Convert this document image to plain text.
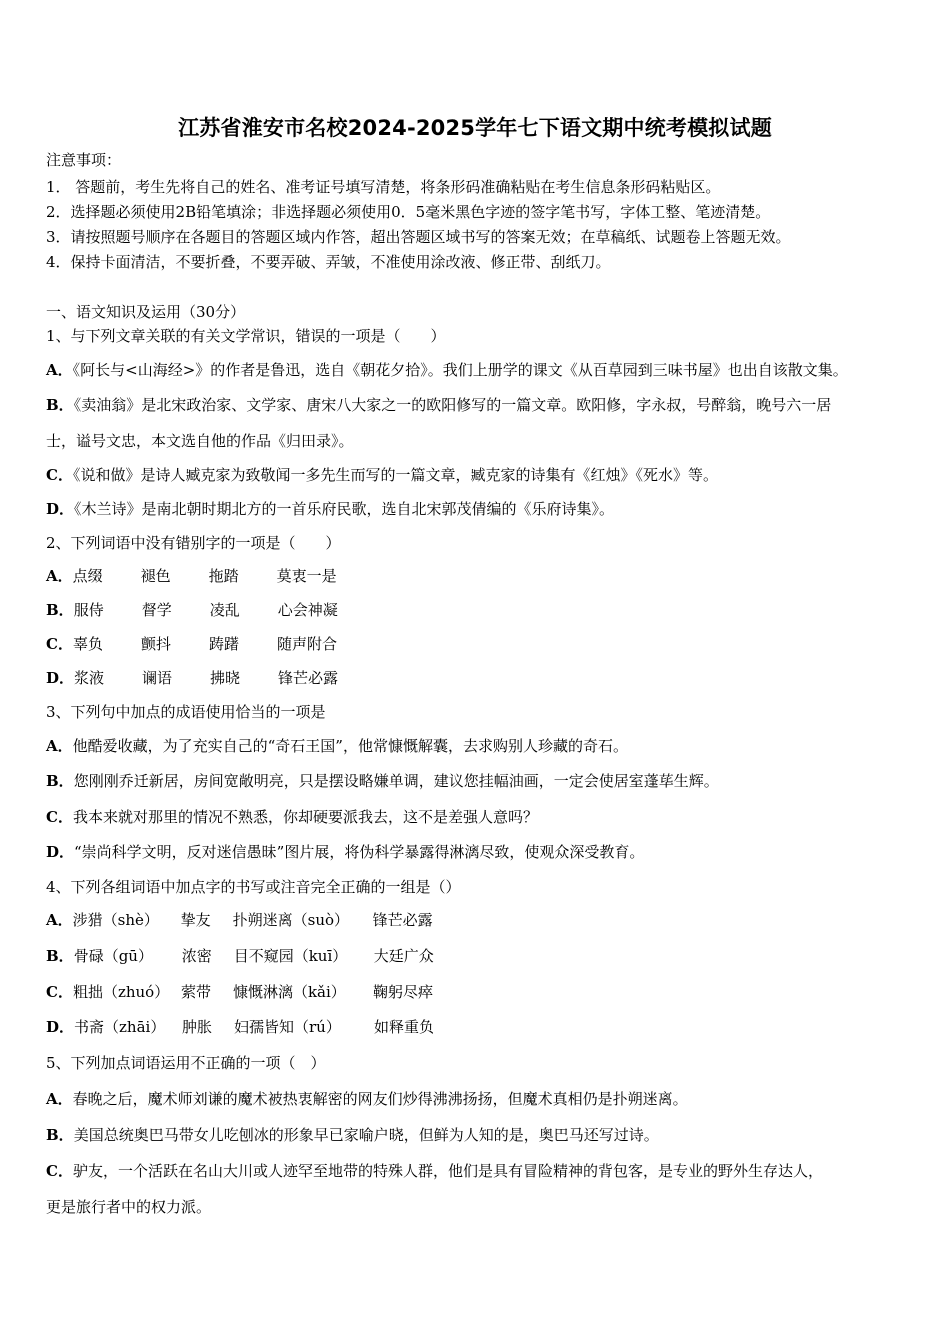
江苏省淮安市名校2024-2025学年七下语文期中统考模拟试题
注意事项：
1． 答题前，考生先将自己的姓名、准考证号填写清楚，将条形码准确粘贴在考生信息条形码粘贴区。
2．选择题必须使用2B铅笔填涂；非选择题必须使用0．5毫米黑色字迹的签字笔书写，字体工整、笔迹清楚。
3．请按照题号顺序在各题目的答题区域内作答，超出答题区域书写的答案无效；在草稿纸、试题卷上答题无效。
4．保持卡面清洁，不要折叠，不要弄破、弄皱，不准使用涂改液、修正带、刮纸刀。
一、语文知识及运用（30分）
1、与下列文章关联的有关文学常识，错误的一项是（　　）
A．《阿长与<山海经>》的作者是鲁迅，选自《朝花夕拾》。我们上册学的课文《从百草园到三味书屋》也出自该散文集。
B．《卖油翁》是北宋政治家、文学家、唐宋八大家之一的欧阳修写的一篇文章。欧阳修，字永叔，号醉翁，晚号六一居
士，谥号文忠，本文选自他的作品《归田录》。
C．《说和做》是诗人臧克家为致敬闻一多先生而写的一篇文章，臧克家的诗集有《红烛》《死水》等。
D．《木兰诗》是南北朝时期北方的一首乐府民歌，选自北宋郭茂倩编的《乐府诗集》。
2、下列词语中没有错别字的一项是（　　）
A．点缀	褪色	拖踏	莫衷一是
B．服侍	督学	凌乱	心会神凝
C．辜负	颤抖	踌躇	随声附合
D．浆液	谰语	拂晓	锋芒必露
3、下列句中加点的成语使用恰当的一项是
A．他酷爱收藏，为了充实自己的“奇石王国”，他常慷慨解囊，去求购别人珍藏的奇石。
B．您刚刚乔迁新居，房间宽敞明亮，只是摆设略嫌单调，建议您挂幅油画，一定会使居室蓬荜生辉。
C．我本来就对那里的情况不熟悉，你却硬要派我去，这不是差强人意吗？
D．“崇尚科学文明，反对迷信愚昧”图片展，将伪科学暴露得淋漓尽致，使观众深受教育。
4、下列各组词语中加点字的书写或注音完全正确的一组是（）
A．涉猎（shè） 挚友 扑朔迷离（suò） 锋芒必露
B．骨碌（gū） 浓密 目不窥园（kuī） 大廷广众
C．粗拙（zhuó） 萦带 慷慨淋漓（kǎi） 鞠躬尽瘁
D．书斋（zhāi） 肿胀 妇孺皆知（rú） 如释重负
5、下列加点词语运用不正确的一项（　）
A．春晚之后，魔术师刘谦的魔术被热衷解密的网友们炒得沸沸扬扬，但魔术真相仍是扑朔迷离。
B．美国总统奥巴马带女儿吃刨冰的形象早已家喻户晓，但鲜为人知的是，奥巴马还写过诗。
C．驴友，一个活跃在名山大川或人迹罕至地带的特殊人群，他们是具有冒险精神的背包客，是专业的野外生存达人，
更是旅行者中的权力派。
